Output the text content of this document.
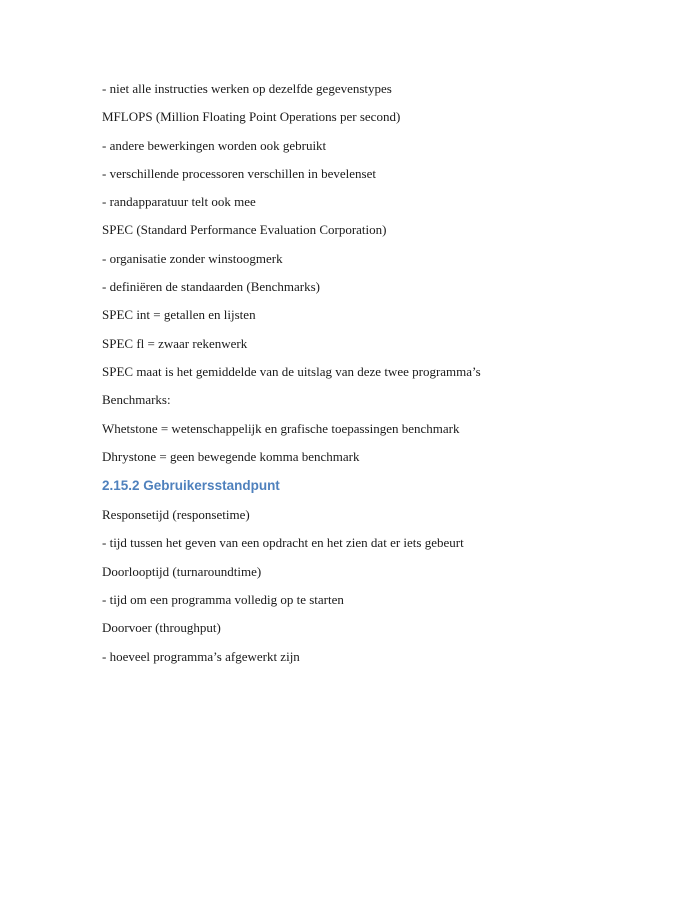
- niet alle instructies werken op dezelfde gegevenstypes
MFLOPS (Million Floating Point Operations per second)
- andere bewerkingen worden ook gebruikt
- verschillende processoren verschillen in bevelenset
- randapparatuur telt ook mee
SPEC (Standard Performance Evaluation Corporation)
- organisatie zonder winstoogmerk
- definiëren de standaarden (Benchmarks)
SPEC int = getallen en lijsten
SPEC fl = zwaar rekenwerk
SPEC maat is het gemiddelde van de uitslag van deze twee programma’s
Benchmarks:
Whetstone = wetenschappelijk en grafische toepassingen benchmark
Dhrystone = geen bewegende komma benchmark
2.15.2 Gebruikersstandpunt
Responsetijd (responsetime)
- tijd tussen het geven van een opdracht en het zien dat er iets gebeurt
Doorlooptijd (turnaroundtime)
- tijd om een programma volledig op te starten
Doorvoer (throughput)
- hoeveel programma’s afgewerkt zijn
